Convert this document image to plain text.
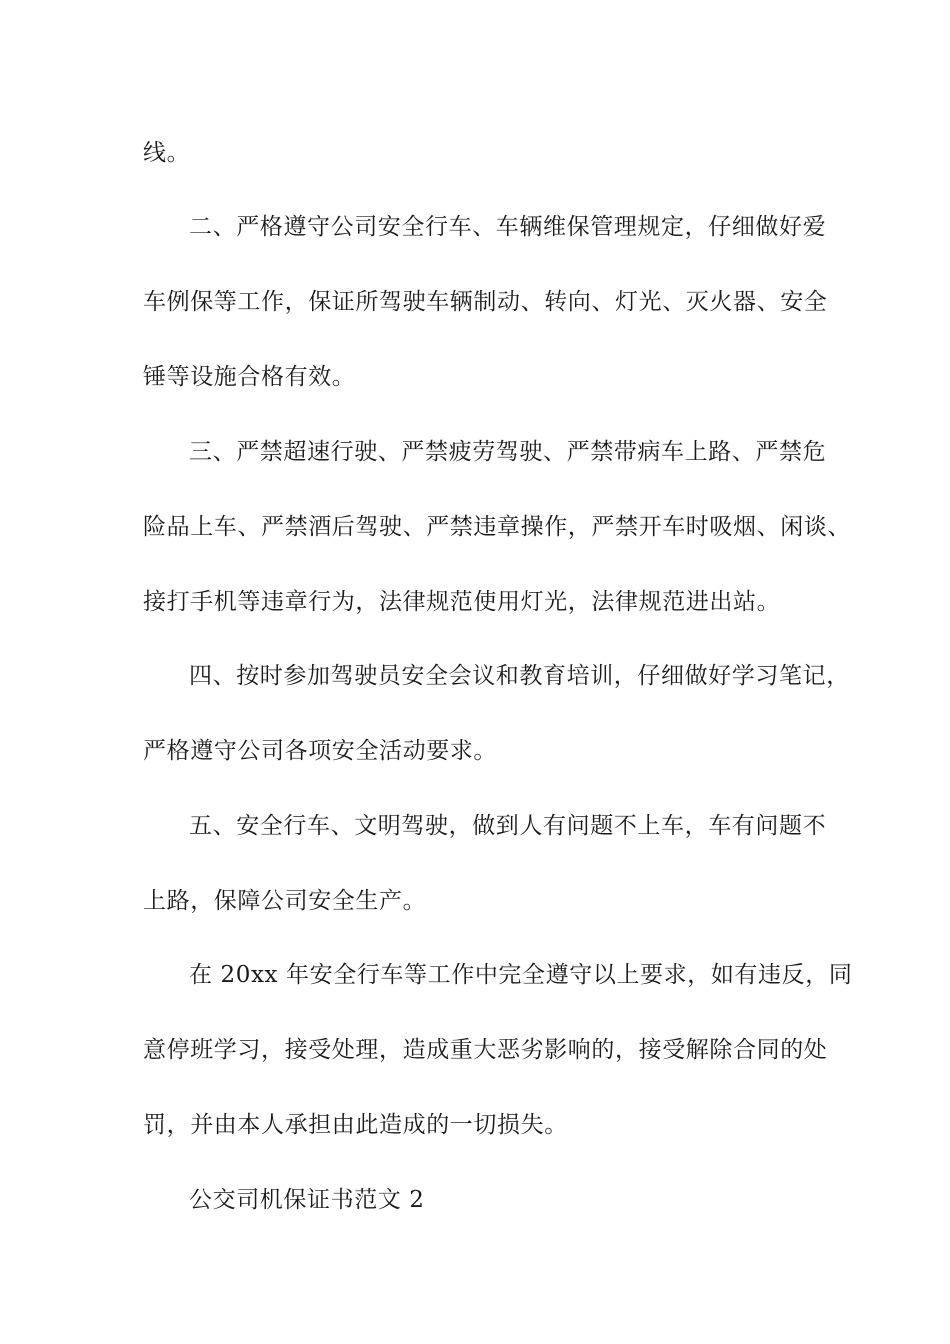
线。
二、严格遵守公司安全行车、车辆维保管理规定，仔细做好爱
车例保等工作，保证所驾驶车辆制动、转向、灯光、灭火器、安全
锤等设施合格有效。
三、严禁超速行驶、严禁疲劳驾驶、严禁带病车上路、严禁危
险品上车、严禁酒后驾驶、严禁违章操作，严禁开车时吸烟、闲谈、
接打手机等违章行为，法律规范使用灯光，法律规范进出站。
四、按时参加驾驶员安全会议和教育培训，仔细做好学习笔记，
严格遵守公司各项安全活动要求。
五、安全行车、文明驾驶，做到人有问题不上车，车有问题不
上路，保障公司安全生产。
在 20xx 年安全行车等工作中完全遵守以上要求，如有违反，同
意停班学习，接受处理，造成重大恶劣影响的，接受解除合同的处
罚，并由本人承担由此造成的一切损失。
公交司机保证书范文 2
